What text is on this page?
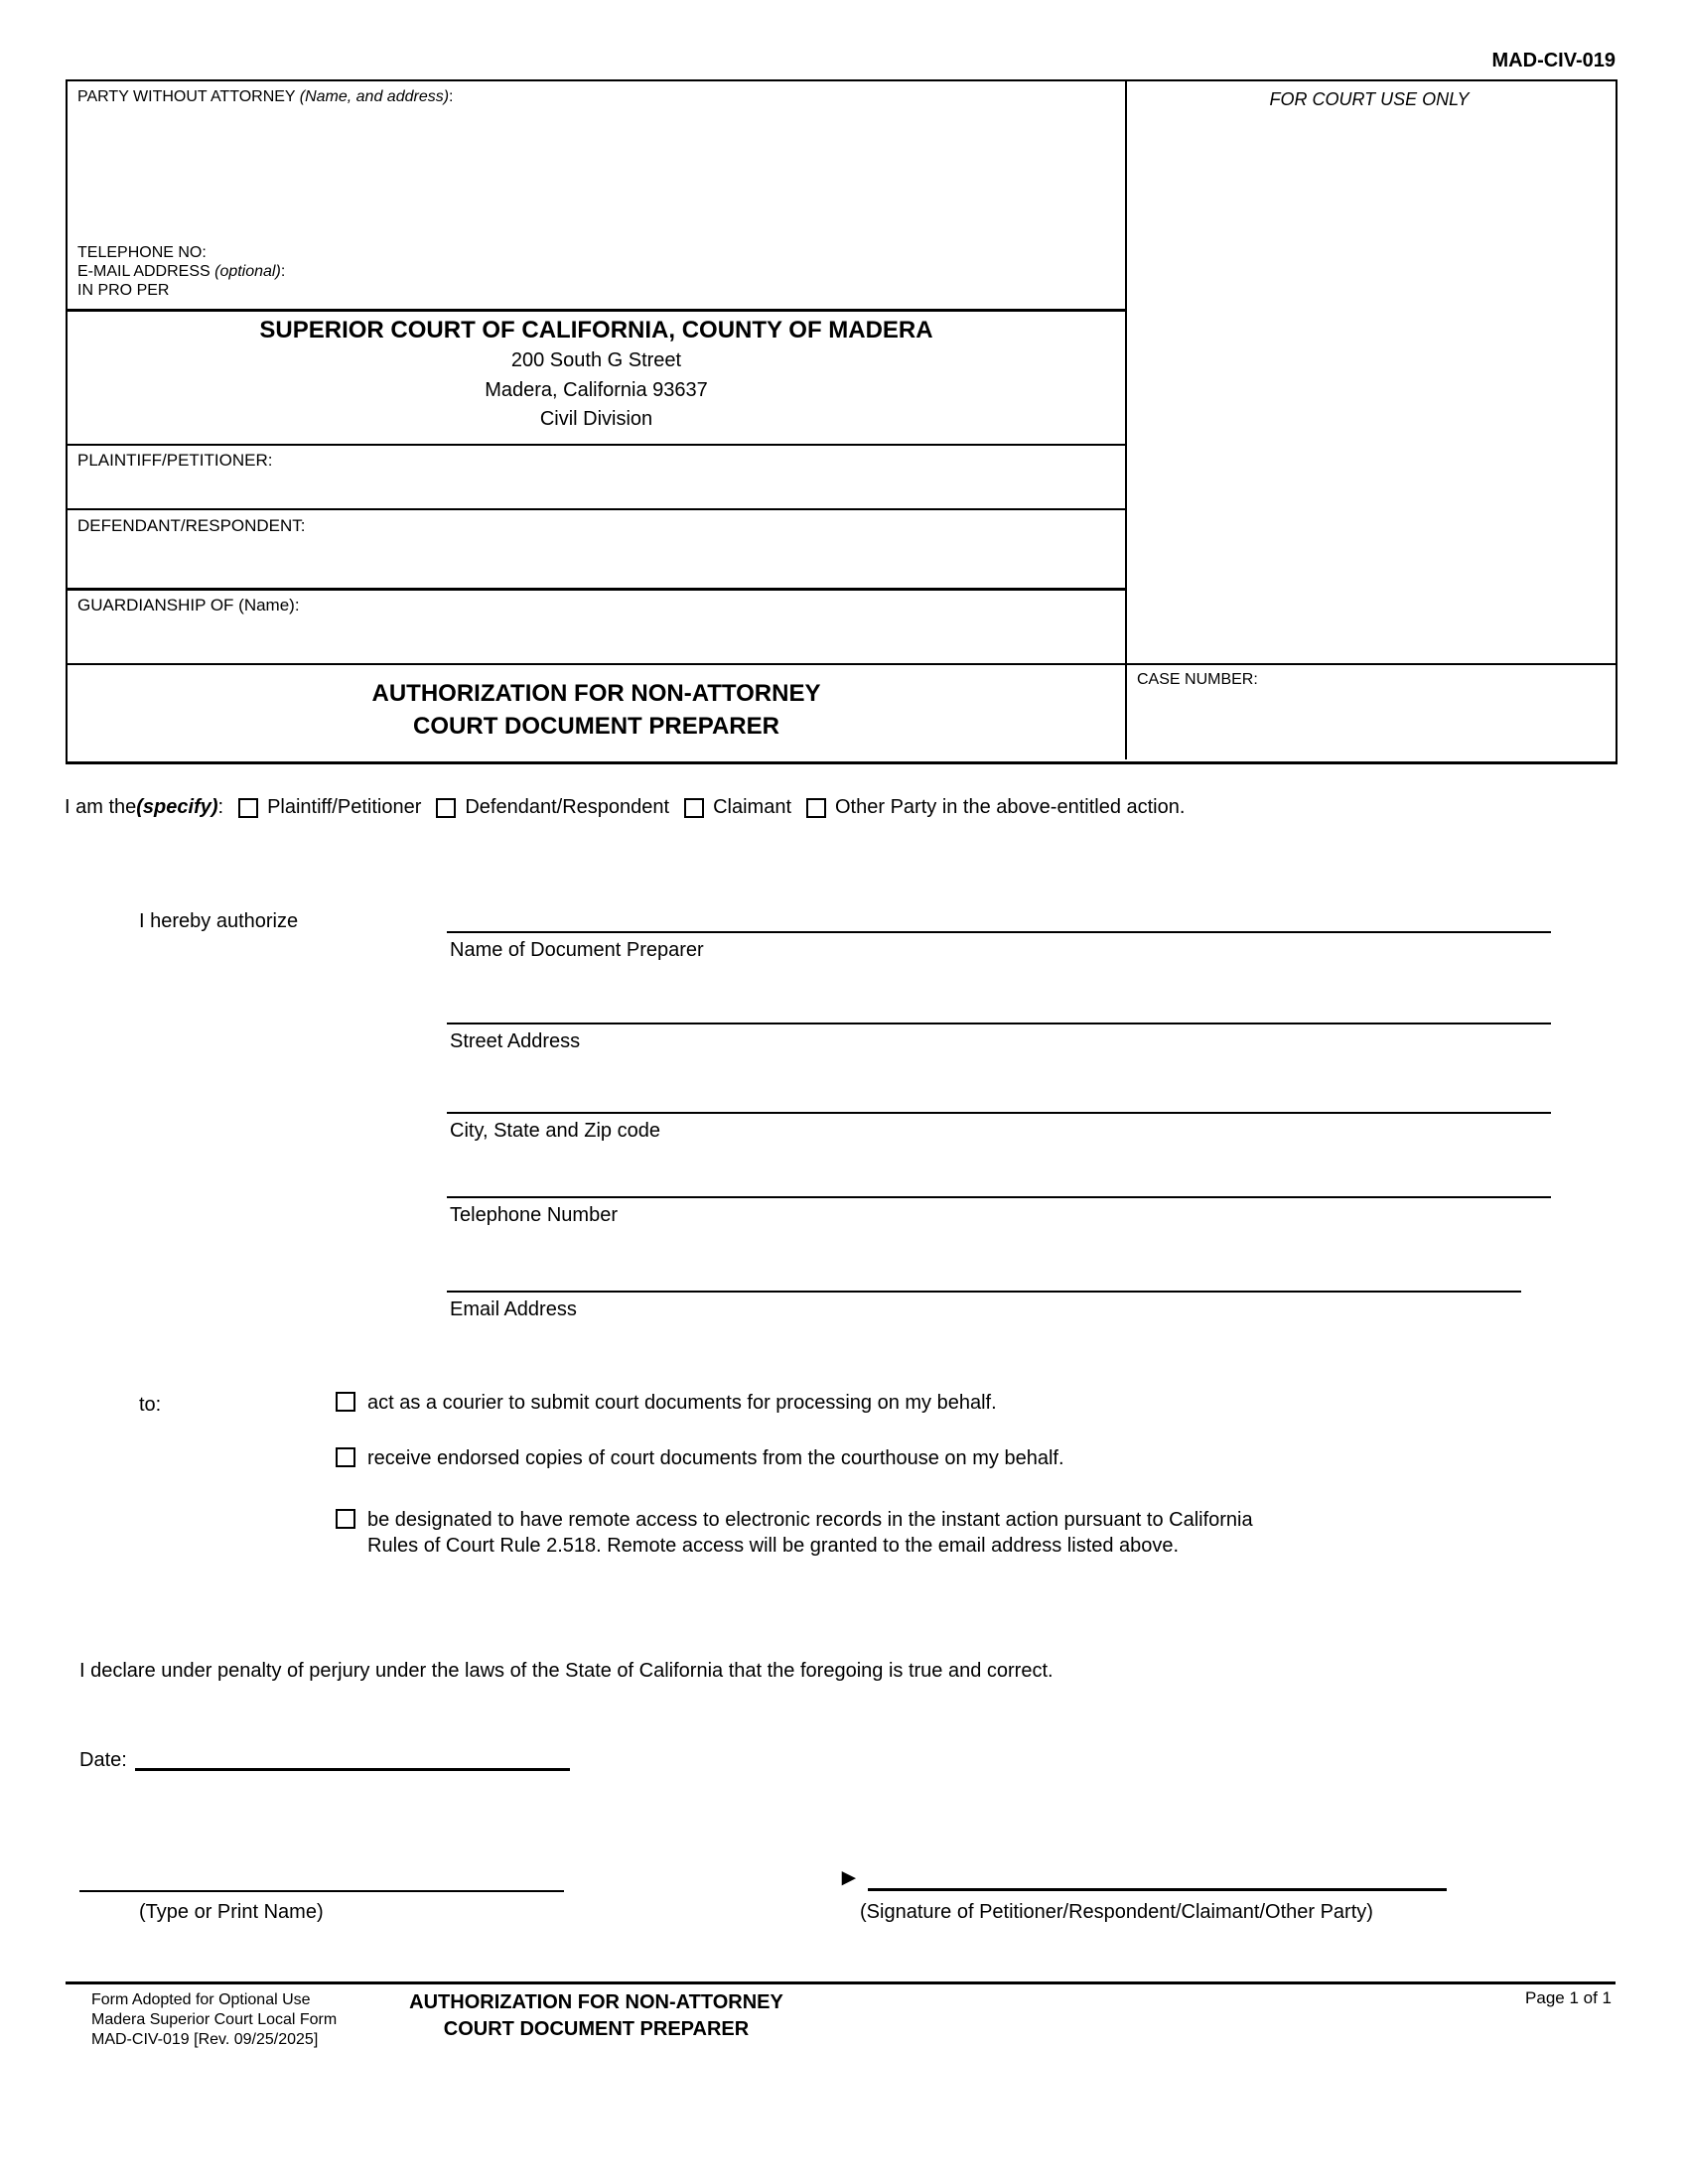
MAD-CIV-019
PARTY WITHOUT ATTORNEY (Name, and address):
TELEPHONE NO:
E-MAIL ADDRESS (optional):
IN PRO PER
SUPERIOR COURT OF CALIFORNIA, COUNTY OF MADERA
200 South G Street
Madera, California 93637
Civil Division
PLAINTIFF/PETITIONER:
DEFENDANT/RESPONDENT:
GUARDIANSHIP OF (Name):
AUTHORIZATION FOR NON-ATTORNEY
COURT DOCUMENT PREPARER
FOR COURT USE ONLY
CASE NUMBER:
I am the (specify) : Plaintiff/Petitioner Defendant/Respondent Claimant Other Party in the above-entitled action.
I hereby authorize
Name of Document Preparer
Street Address
City, State and Zip code
Telephone Number
Email Address
to:	act as a courier to submit court documents for processing on my behalf.
receive endorsed copies of court documents from the courthouse on my behalf.
be designated to have remote access to electronic records in the instant action pursuant to California
Rules of Court Rule 2.518. Remote access will be granted to the email address listed above.
I declare under penalty of perjury under the laws of the State of California that the foregoing is true and correct.
Date:
(Type or Print Name)
►
(Signature of Petitioner/Respondent/Claimant/Other Party)
Form Adopted for Optional Use
Madera Superior Court Local Form
MAD-CIV-019 [Rev. 09/25/2025]
AUTHORIZATION FOR NON-ATTORNEY
COURT DOCUMENT PREPARER
Page 1 of 1
